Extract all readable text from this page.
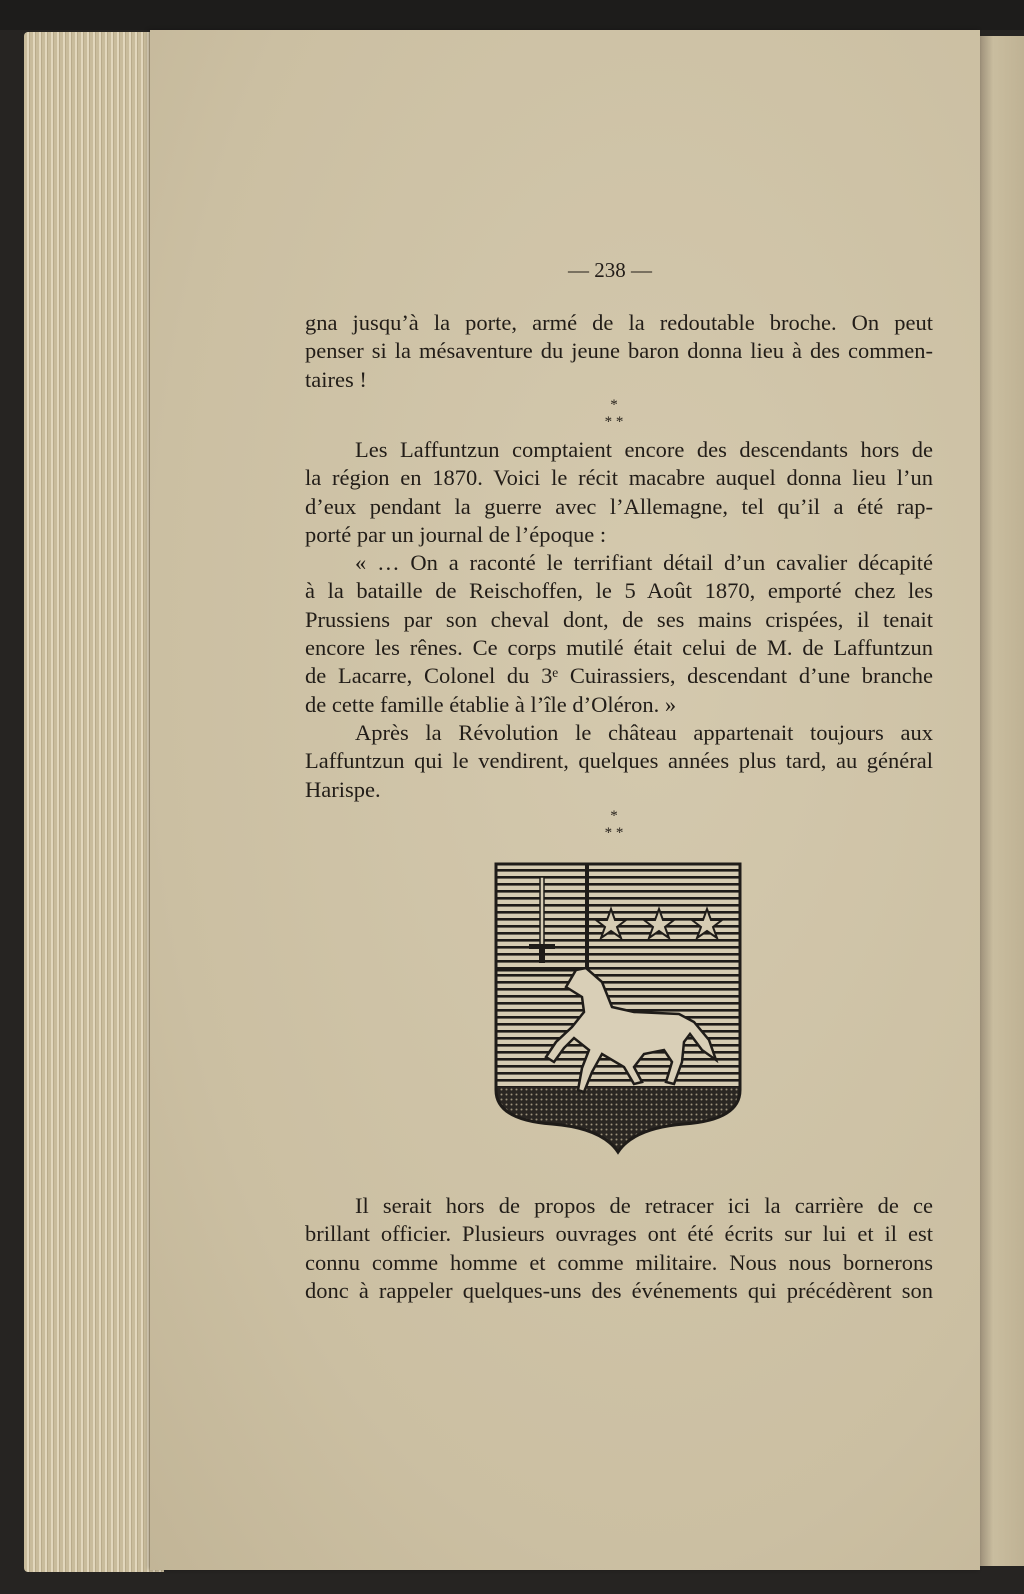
— 238 —
gna jusqu’à la porte, armé de la redoutable broche. On peut
penser si la mésaventure du jeune baron donna lieu à des commen-
taires !
*
* *
Les Laffuntzun comptaient encore des descendants hors de
la région en 1870. Voici le récit macabre auquel donna lieu l’un
d’eux pendant la guerre avec l’Allemagne, tel qu’il a été rap-
porté par un journal de l’époque :
« … On a raconté le terrifiant détail d’un cavalier décapité
à la bataille de Reischoffen, le 5 Août 1870, emporté chez les
Prussiens par son cheval dont, de ses mains crispées, il tenait
encore les rênes. Ce corps mutilé était celui de M. de Laffuntzun
de Lacarre, Colonel du 3ᵉ Cuirassiers, descendant d’une branche
de cette famille établie à l’île d’Oléron. »
Après la Révolution le château appartenait toujours aux
Laffuntzun qui le vendirent, quelques années plus tard, au général
Harispe.
*
* *
Il serait hors de propos de retracer ici la carrière de ce
brillant officier. Plusieurs ouvrages ont été écrits sur lui et il est
connu comme homme et comme militaire. Nous nous bornerons
donc à rappeler quelques-uns des événements qui précédèrent son
